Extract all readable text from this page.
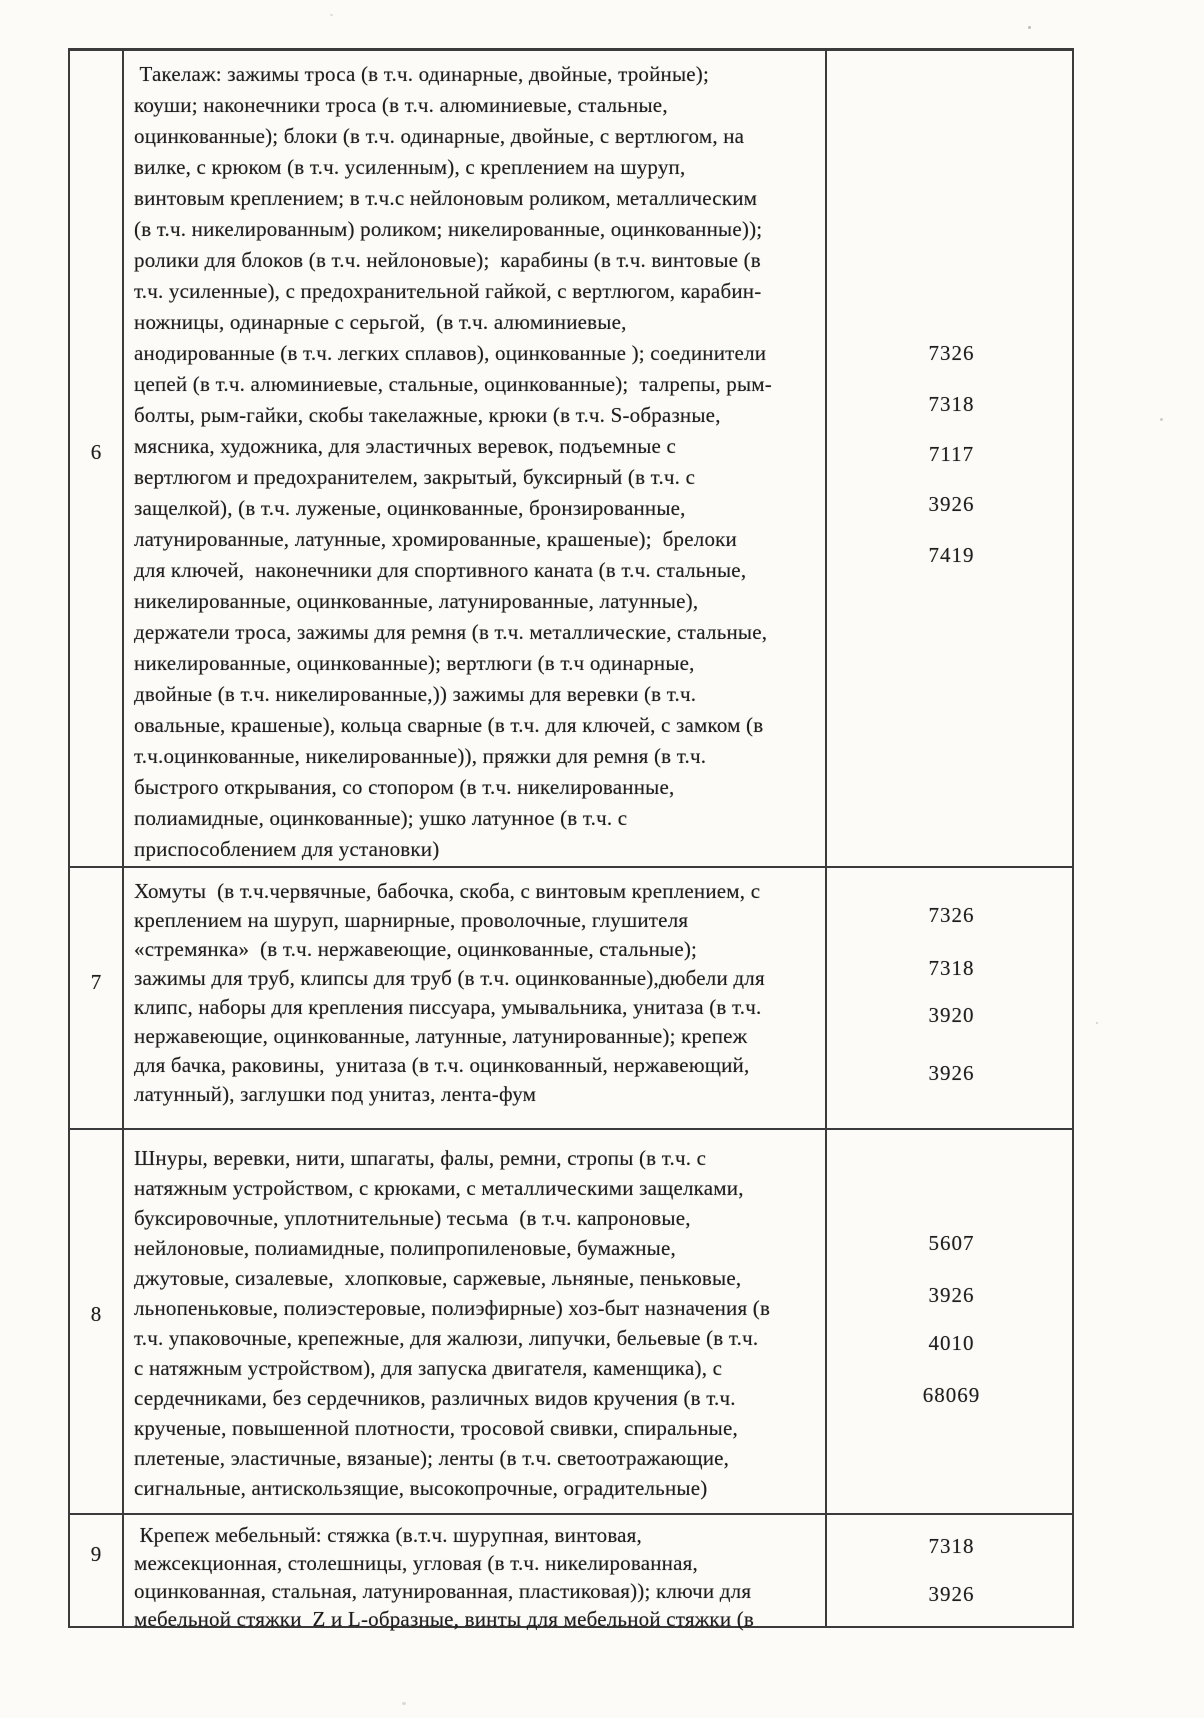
6
Такелаж: зажимы троса (в т.ч. одинарные, двойные, тройные);
коуши; наконечники троса (в т.ч. алюминиевые, стальные,
оцинкованные); блоки (в т.ч. одинарные, двойные, с вертлюгом, на
вилке, с крюком (в т.ч. усиленным), с креплением на шуруп,
винтовым креплением; в т.ч.с нейлоновым роликом, металлическим
(в т.ч. никелированным) роликом; никелированные, оцинкованные));
ролики для блоков (в т.ч. нейлоновые);  карабины (в т.ч. винтовые (в
т.ч. усиленные), с предохранительной гайкой, с вертлюгом, карабин-
ножницы, одинарные с серьгой,  (в т.ч. алюминиевые,
анодированные (в т.ч. легких сплавов), оцинкованные ); соединители
цепей (в т.ч. алюминиевые, стальные, оцинкованные);  талрепы, рым-
болты, рым-гайки, скобы такелажные, крюки (в т.ч. S-образные,
мясника, художника, для эластичных веревок, подъемные с
вертлюгом и предохранителем, закрытый, буксирный (в т.ч. с
защелкой), (в т.ч. луженые, оцинкованные, бронзированные,
латунированные, латунные, хромированные, крашеные);  брелоки
для ключей,  наконечники для спортивного каната (в т.ч. стальные,
никелированные, оцинкованные, латунированные, латунные),
держатели троса, зажимы для ремня (в т.ч. металлические, стальные,
никелированные, оцинкованные); вертлюги (в т.ч одинарные,
двойные (в т.ч. никелированные,)) зажимы для веревки (в т.ч.
овальные, крашеные), кольца сварные (в т.ч. для ключей, с замком (в
т.ч.оцинкованные, никелированные)), пряжки для ремня (в т.ч.
быстрого открывания, со стопором (в т.ч. никелированные,
полиамидные, оцинкованные); ушко латунное (в т.ч. с
приспособлением для установки)
7326
7318
7117
3926
7419
7
Хомуты  (в т.ч.червячные, бабочка, скоба, с винтовым креплением, с
креплением на шуруп, шарнирные, проволочные, глушителя
«стремянка»  (в т.ч. нержавеющие, оцинкованные, стальные);
зажимы для труб, клипсы для труб (в т.ч. оцинкованные),дюбели для
клипс, наборы для крепления писсуара, умывальника, унитаза (в т.ч.
нержавеющие, оцинкованные, латунные, латунированные); крепеж
для бачка, раковины,  унитаза (в т.ч. оцинкованный, нержавеющий,
латунный), заглушки под унитаз, лента-фум
7326
7318
3920
3926
8
Шнуры, веревки, нити, шпагаты, фалы, ремни, стропы (в т.ч. с
натяжным устройством, с крюками, с металлическими защелками,
буксировочные, уплотнительные) тесьма  (в т.ч. капроновые,
нейлоновые, полиамидные, полипропиленовые, бумажные,
джутовые, сизалевые,  хлопковые, саржевые, льняные, пеньковые,
льнопеньковые, полиэстеровые, полиэфирные) хоз-быт назначения (в
т.ч. упаковочные, крепежные, для жалюзи, липучки, бельевые (в т.ч.
с натяжным устройством), для запуска двигателя, каменщика), с
сердечниками, без сердечников, различных видов кручения (в т.ч.
крученые, повышенной плотности, тросовой свивки, спиральные,
плетеные, эластичные, вязаные); ленты (в т.ч. светоотражающие,
сигнальные, антискользящие, высокопрочные, оградительные)
5607
3926
4010
68069
9
Крепеж мебельный: стяжка (в.т.ч. шурупная, винтовая,
межсекционная, столешницы, угловая (в т.ч. никелированная,
оцинкованная, стальная, латунированная, пластиковая)); ключи для
мебельной стяжки  Z и L-образные, винты для мебельной стяжки (в
7318
3926
